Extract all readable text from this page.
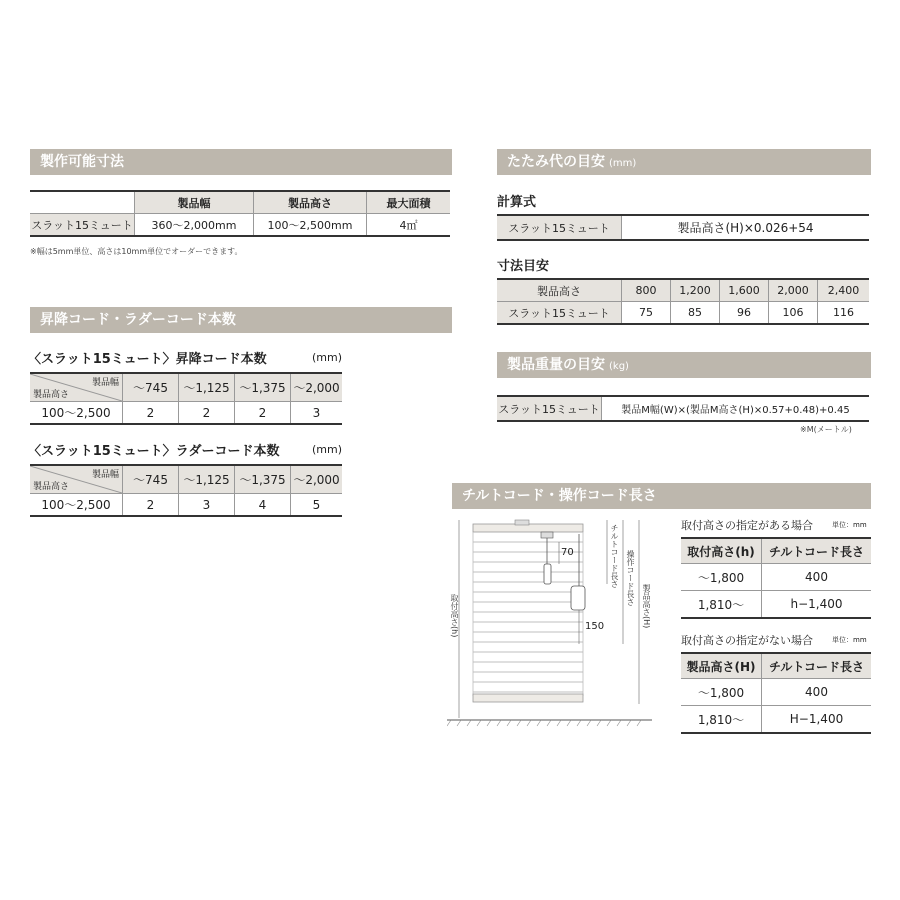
製作可能寸法
	製品幅	製品高さ	最大面積
スラット15ミュート	360〜2,000mm	100〜2,500mm	4㎡
※幅は5mm単位、高さは10mm単位でオーダーできます。
昇降コード・ラダーコード本数
〈スラット15ミュート〉昇降コード本数	(mm)
製品幅
製品高さ	〜745	〜1,125	〜1,375	〜2,000
100〜2,500	2	2	2	3
〈スラット15ミュート〉ラダーコード本数	(mm)
製品幅
製品高さ	〜745	〜1,125	〜1,375	〜2,000
100〜2,500	2	3	4	5
たたみ代の目安 (mm)
計算式
スラット15ミュート	製品高さ(H)×0.026+54
寸法目安
製品高さ	800	1,200	1,600	2,000	2,400
スラット15ミュート	75	85	96	106	116
製品重量の目安 (kg)
スラット15ミュート	製品M幅(W)×(製品M高さ(H)×0.57+0.48)+0.45
※M(メートル)
チルトコード・操作コード長さ
70
150
取付高さ(h)
チルトコード長さ 操作コード長さ
製品高さ(H)
取付高さの指定がある場合	単位：mm
取付高さ(h)	チルトコード長さ
〜1,800	400
1,810〜	h−1,400
取付高さの指定がない場合	単位：mm
製品高さ(H)	チルトコード長さ
〜1,800	400
1,810〜	H−1,400
